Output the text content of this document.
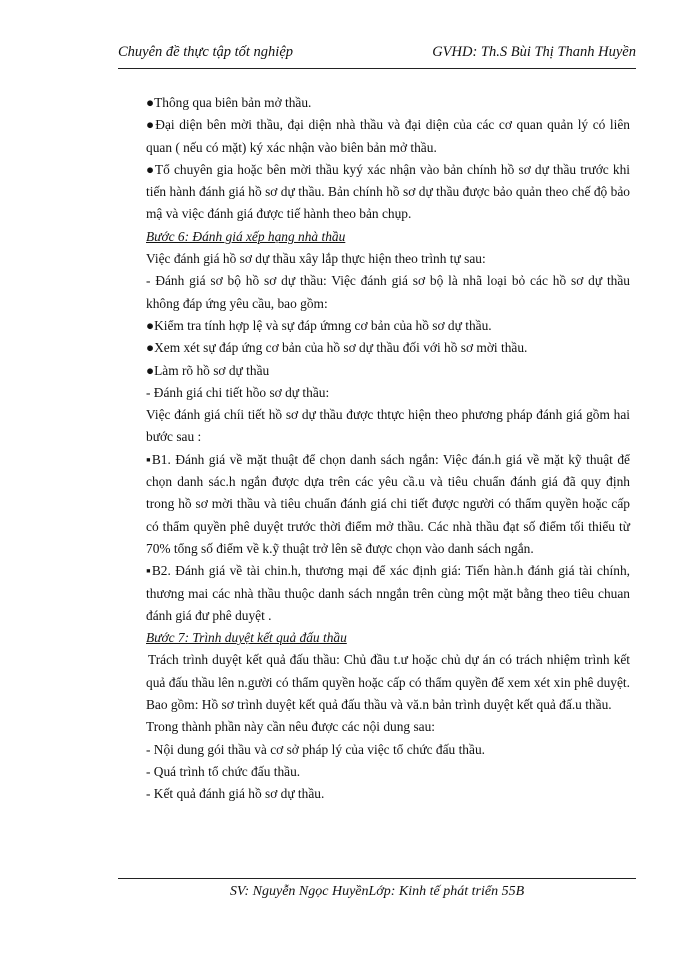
Chuyên đề thực tập tốt nghiệp	GVHD: Th.S Bùi Thị Thanh Huyền

●Thông qua biên bản mở thầu.

●Đại diện bên mời thầu, đại diện nhà thầu và đại diện của các cơ quan quản lý có liên quan ( nếu có mặt) ký xác nhận vào biên bản mở thầu.

●Tổ chuyên gia hoặc bên mời thầu kyý xác nhận vào bản chính hồ sơ dự thầu trước khi tiến hành đánh giá hồ sơ dự thầu. Bản chính hồ sơ dự thầu được bảo quản theo chế độ bảo mậ và việc đánh giá được tiế hành theo bản chụp.

Bước 6: Đánh giá xếp hạng nhà thầu

Việc đánh giá hồ sơ dự thầu xây lắp thực hiện theo trình tự sau:

- Đánh giá sơ bộ hồ sơ dự thầu: Việc đánh giá sơ bộ là nhã loại bỏ các hồ sơ dự thầu không đáp ứng yêu cầu, bao gồm:

●Kiểm tra tính hợp lệ và sự đáp ứmng cơ bản của hồ sơ dự thầu.

●Xem xét sự đáp ứng cơ bản của hồ sơ dự thầu đối với hồ sơ mời thầu.

●Làm rõ hồ sơ dự thầu

- Đánh giá chi tiết hồo sơ dự thầu:

Việc đánh giá chíi tiết hồ sơ dự thầu được thtực hiện theo phương pháp đánh giá gồm hai bước sau :

▪B1. Đánh giá về mặt thuật để chọn danh sách ngắn: Việc đán.h giá về mặt kỹ thuật để chọn danh sác.h ngắn được dựa trên các yêu cầ.u và tiêu chuẩn đánh giá đã quy định trong hồ sơ mời thầu và tiêu chuẩn đánh giá chi tiết được người có thẩm quyền hoặc cấp có thẩm quyền phê duyệt trước thời điểm mở thầu. Các nhà thầu đạt số điểm tối thiểu từ 70% tổng số điểm về k.ỹ thuật trở lên sẽ được chọn vào danh sách ngắn.

▪B2. Đánh giá về tài chin.h, thương mại để xác định giá: Tiến hàn.h đánh giá tài chính, thương mai các nhà thầu thuộc danh sách nngắn trên cùng một mặt bằng theo tiêu chuan đánh giá đư phê duyệt .

Bước 7: Trình duyệt kết quả đấu thầu

Trách trình duyệt kết quả đấu thầu: Chủ đầu t.ư hoặc chủ dự án có trách nhiệm trình kết quả đấu thầu lên n.gười có thẩm quyền hoặc cấp có thẩm quyền để xem xét xin phê duyệt. Bao gồm: Hồ sơ trình duyệt kết quả đấu thầu và vă.n bản trình duyệt kết quả đấ.u thầu.

Trong thành phần này cần nêu được các nội dung sau:

- Nội dung gói thầu và cơ sở pháp lý của việc tổ chức đấu thầu.

- Quá trình tổ chức đấu thầu.

- Kết quả đánh giá hồ sơ dự thầu.

SV: Nguyễn Ngọc HuyềnLớp: Kinh tế phát triển 55B
